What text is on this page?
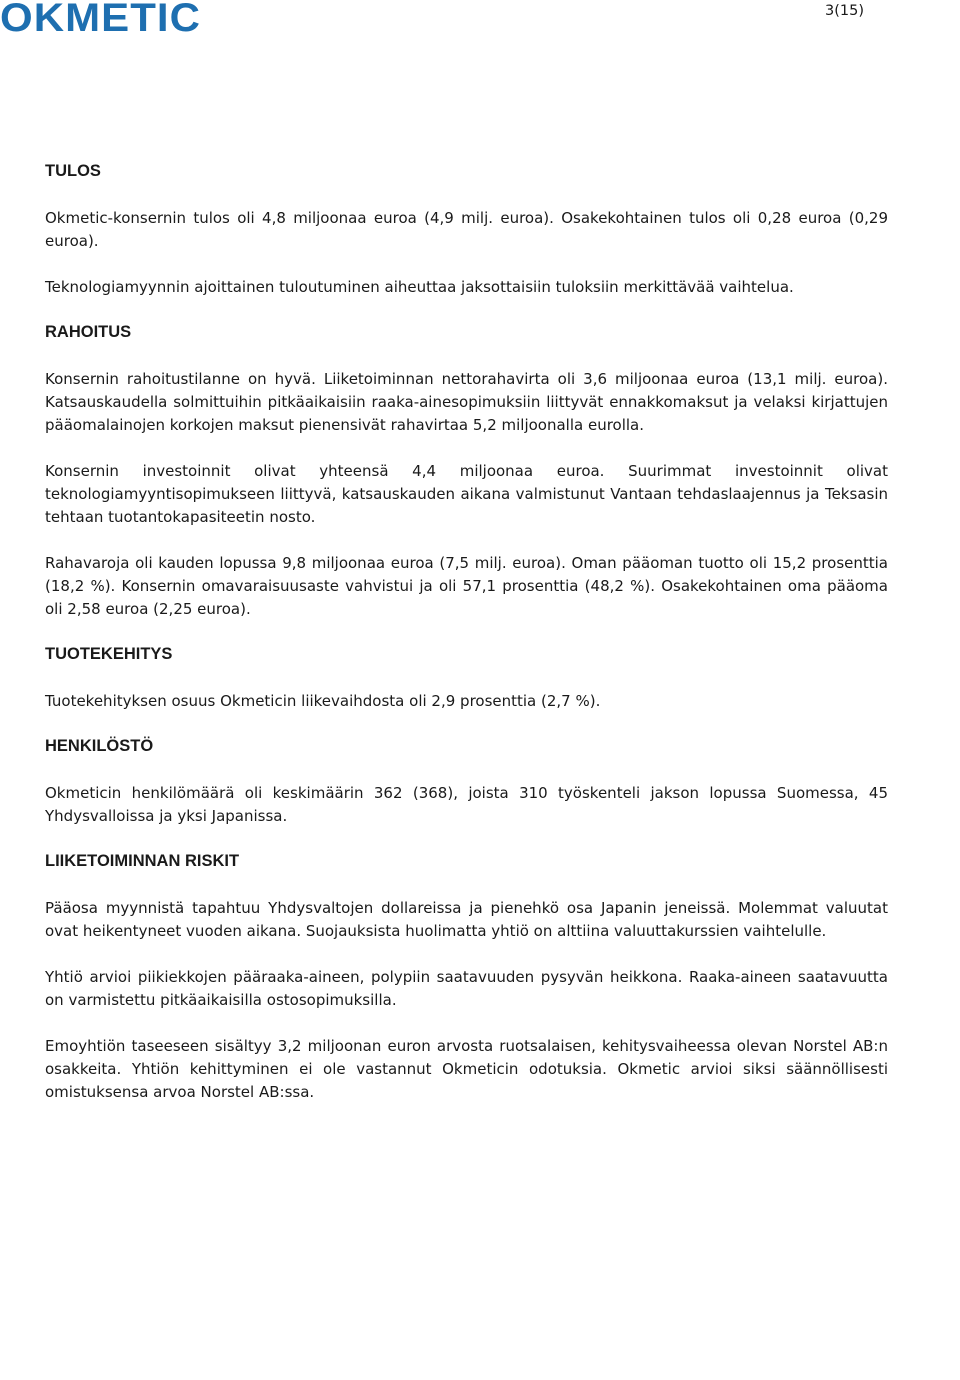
OKMETIC	3(15)
TULOS

Okmetic-konsernin tulos oli 4,8 miljoonaa euroa (4,9 milj. euroa). Osakekohtainen tulos oli 0,28 euroa (0,29 euroa).

Teknologiamyynnin ajoittainen tuloutuminen aiheuttaa jaksottaisiin tuloksiin merkittävää vaihtelua.

RAHOITUS

Konsernin rahoitustilanne on hyvä. Liiketoiminnan nettorahavirta oli 3,6 miljoonaa euroa (13,1 milj. euroa). Katsauskaudella solmittuihin pitkäaikaisiin raaka-ainesopimuksiin liittyvät ennakkomaksut ja velaksi kirjattujen pääomalainojen korkojen maksut pienensivät rahavirtaa 5,2 miljoonalla eurolla.

Konsernin investoinnit olivat yhteensä 4,4 miljoonaa euroa. Suurimmat investoinnit olivat teknologiamyyntisopimukseen liittyvä, katsauskauden aikana valmistunut Vantaan tehdaslaajennus ja Teksasin tehtaan tuotantokapasiteetin nosto.

Rahavaroja oli kauden lopussa 9,8 miljoonaa euroa (7,5 milj. euroa). Oman pääoman tuotto oli 15,2 prosenttia (18,2 %). Konsernin omavaraisuusaste vahvistui ja oli 57,1 prosenttia (48,2 %). Osakekohtainen oma pääoma oli 2,58 euroa (2,25 euroa).

TUOTEKEHITYS

Tuotekehityksen osuus Okmeticin liikevaihdosta oli 2,9 prosenttia (2,7 %).

HENKILÖSTÖ

Okmeticin henkilömäärä oli keskimäärin 362 (368), joista 310 työskenteli jakson lopussa Suomessa, 45 Yhdysvalloissa ja yksi Japanissa.

LIIKETOIMINNAN RISKIT

Pääosa myynnistä tapahtuu Yhdysvaltojen dollareissa ja pienehkö osa Japanin jeneissä. Molemmat valuutat ovat heikentyneet vuoden aikana. Suojauksista huolimatta yhtiö on alttiina valuuttakurssien vaihtelulle.

Yhtiö arvioi piikiekkojen pääraaka-aineen, polypiin saatavuuden pysyvän heikkona. Raaka-aineen saatavuutta on varmistettu pitkäaikaisilla ostosopimuksilla.

Emoyhtiön taseeseen sisältyy 3,2 miljoonan euron arvosta ruotsalaisen, kehitysvaiheessa olevan Norstel AB:n osakkeita. Yhtiön kehittyminen ei ole vastannut Okmeticin odotuksia. Okmetic arvioi siksi säännöllisesti omistuksensa arvoa Norstel AB:ssa.
